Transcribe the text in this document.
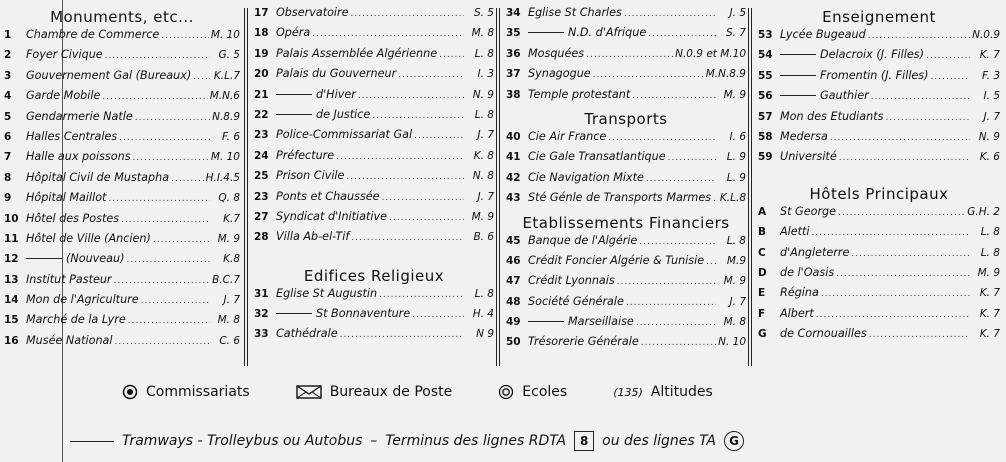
Monuments, etc...
1	Chambre de Commerce .....	M. 10
2	Foyer Civique .....	G. 5
3	Gouvernement Gal (Bureaux) ..... K.L.7
4	Garde Mobile .....	M.N.6
5	Gendarmerie Natle .....	N.8.9
6	Halles Centrales .....	F. 6
7	Halle aux poissons .....	M. 10
8	Hôpital Civil de Mustapha .....	H.I.4.5
9	Hôpital Maillot .....	Q. 8
10 Hôtel des Postes .....	K.7
11 Hôtel de Ville (Ancien) .....	M. 9
12	(Nouveau) .....	K.8
13 Institut Pasteur .....	B.C.7
14 Mon de l'Agriculture .....	J. 7
15 Marché de la Lyre .....	M. 8
16 Musée National .....	C. 6
17 Observatoire .....	S. 5
18 Opéra .....	M. 8
19 Palais Assemblée Algérienne .....	L. 8
20 Palais du Gouverneur .....	I. 3
21	d'Hiver .....	N. 9
22	de Justice .....	L. 8
23 Police-Commissariat Gal .....	J. 7
24 Préfecture .....	K. 8
25 Prison Civile .....	N. 8
23 Ponts et Chaussée .....	J. 7
27 Syndicat d'Initiative .....	M. 9
28 Villa Ab-el-Tif .....	B. 6
Edifices Religieux
31 Eglise St Augustin .....	L. 8
32	St Bonnaventure .....	H. 4
33 Cathédrale .....	N 9
34 Eglise St Charles .....	J. 5
35	N.D. d'Afrique .....	S. 7
36 Mosquées .....	N.0.9 et M.10
37 Synagogue .....	M.N.8.9
38 Temple protestant .....	M. 9
Transports
40 Cie Air France .....	I. 6
41 Cie Gale Transatlantique .....	L. 9
42 Cie Navigation Mixte .....	L. 9
43 Sté Génle de Transports Marmes ..... K.L.8
Etablissements Financiers
45 Banque de l'Algérie .....	L. 8
46 Crédit Foncier Algérie & Tunisie .....	M.9
47 Crédit Lyonnais .....	M. 9
48 Société Générale .....	J. 7
49	Marseillaise .....	M. 8
50 Trésorerie Générale .....	N. 10
Enseignement
53 Lycée Bugeaud .....	N.0.9
54	Delacroix (J. Filles) .....	K. 7
55	Fromentin (J. Filles) .....	F. 3
56	Gauthier .....	I. 5
57 Mon des Etudiants .....	J. 7
58 Medersa .....	N. 9
59 Université .....	K. 6
Hôtels Principaux
A	St George .....	G.H. 2
B	Aletti .....	L. 8
C	d'Angleterre .....	L. 8
D	de l'Oasis .....	M. 9
E	Régina .....	K. 7
F	Albert .....	K. 7
G	de Cornouailles .....	K. 7
Commissariats	Bureaux de Poste	Ecoles	(135) Altitudes
Tramways - Trolleybus ou Autobus – Terminus des lignes RDTA	8 ou des lignes TA	G
